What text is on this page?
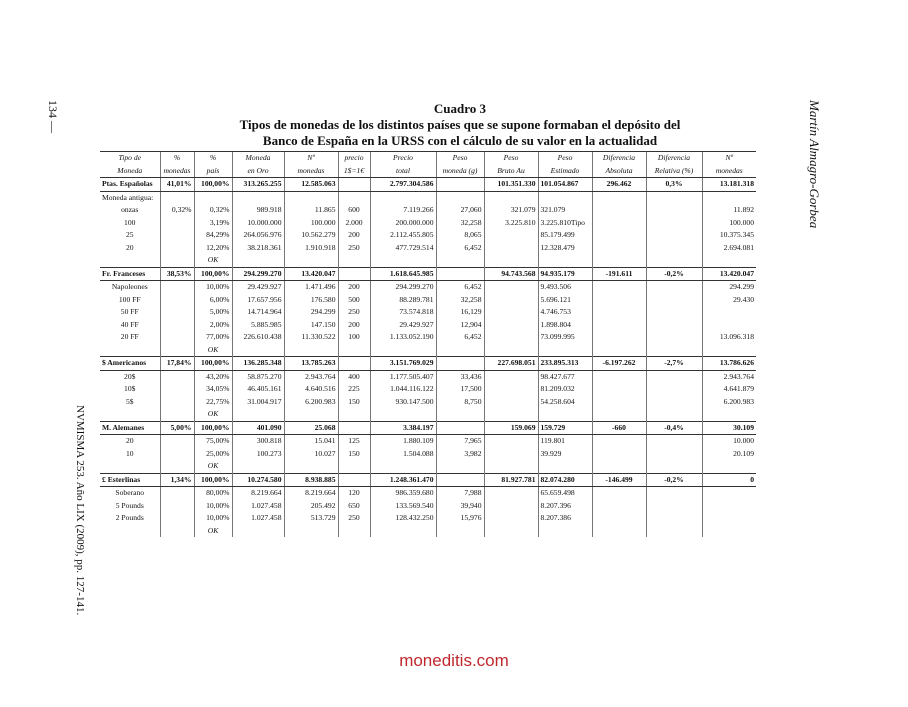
134 —	Martín Almagro-Gorbea
NVMISMA 253. Año LIX (2009), pp. 127-141.
Cuadro 3
Tipos de monedas de los distintos países que se supone formaban el depósito del
Banco de España en la URSS con el cálculo de su valor en la actualidad
Tipo de	%	%	Moneda	Nº	precio	Precio	Peso	Peso	Peso	Diferencia	Diferencia	Nº
Moneda	monedas	país	en Oro	monedas	1$=1€	total	moneda (g)	Bruto Au	Estimado	Absoluta	Relativa (%)	monedas
Ptas. Españolas	41,01%	100,00%	313.265.255	12.585.063		2.797.304.586		101.351.330	101.054.867	296.462	0,3%	13.181.318
Moneda antigua:												
onzas	0,32%	0,32%	989.918	11.865	600	7.119.266	27,060	321.079	321.079			11.892
100		3,19%	10.000.000	100.000	2.000	200.000.000	32,258	3.225.810	3.225.810Tipo			100.000
25		84,29%	264.056.976	10.562.279	200	2.112.455.805	8,065		85.179.499			10.375.345
20		12,20%	38.218.361	1.910.918	250	477.729.514	6,452		12.328.479			2.694.081
		OK										
Fr. Franceses	38,53%	100,00%	294.299.270	13.420.047		1.618.645.985		94.743.568	94.935.179	-191.611	-0,2%	13.420.047
Napoleones		10,00%	29.429.927	1.471.496	200	294.299.270	6,452		9.493.506			294.299
100 FF		6,00%	17.657.956	176.580	500	88.289.781	32,258		5.696.121			29.430
50 FF		5,00%	14.714.964	294.299	250	73.574.818	16,129		4.746.753			
40 FF		2,00%	5.885.985	147.150	200	29.429.927	12,904		1.898.804			
20 FF		77,00%	226.610.438	11.330.522	100	1.133.052.190	6,452		73.099.995			13.096.318
		OK										
$ Americanos	17,84%	100,00%	136.285.348	13.785.263		3.151.769.029		227.698.051	233.895.313	-6.197.262	-2,7%	13.786.626
20$		43,20%	58.875.270	2.943.764	400	1.177.505.407	33,436		98.427.677			2.943.764
10$		34,05%	46.405.161	4.640.516	225	1.044.116.122	17,500		81.209.032			4.641.879
5$		22,75%	31.004.917	6.200.983	150	930.147.500	8,750		54.258.604			6.200.983
		OK										
M. Alemanes	5,00%	100,00%	401.090	25.068		3.384.197		159.069	159.729	-660	-0,4%	30.109
20		75,00%	300.818	15.041	125	1.880.109	7,965		119.801			10.000
10		25,00%	100.273	10.027	150	1.504.088	3,982		39.929			20.109
		OK										
£ Esterlinas	1,34%	100,00%	10.274.580	8.938.885		1.248.361.470		81.927.781	82.074.280	-146.499	-0,2%	0
Soberano		80,00%	8.219.664	8.219.664	120	986.359.680	7,988		65.659.498			
5 Pounds		10,00%	1.027.458	205.492	650	133.569.540	39,940		8.207.396			
2 Pounds		10,00%	1.027.458	513.729	250	128.432.250	15,976		8.207.386			
		OK										
moneditis.com
